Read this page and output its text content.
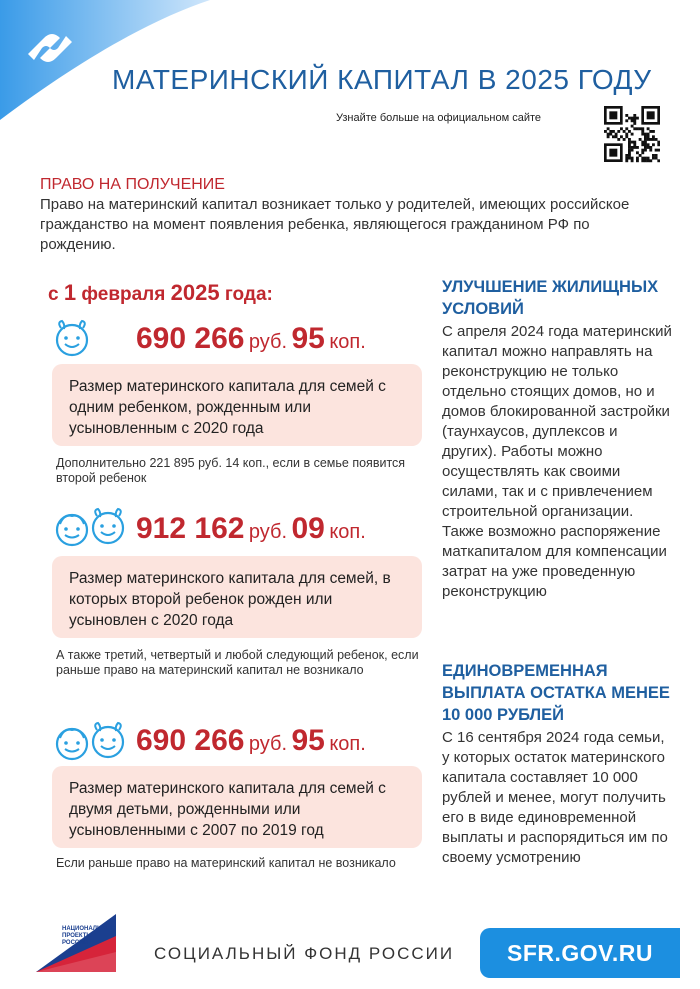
МАТЕРИНСКИЙ КАПИТАЛ В 2025 ГОДУ
Узнайте больше на официальном сайте
ПРАВО НА ПОЛУЧЕНИЕ
Право на материнский капитал возникает только у родителей, имеющих российское гражданство на момент появления ребенка, являющегося гражданином РФ по рождению.
с 1 февраля 2025 года:
690 266 руб. 95 коп.
Размер материнского капитала для семей с одним ребенком, рожденным или усыновленным с 2020 года
Дополнительно 221 895 руб. 14 коп., если в семье появится второй ребенок
912 162 руб. 09 коп.
Размер материнского капитала для семей, в которых второй ребенок рожден или усыновлен с 2020 года
А также третий, четвертый и любой следующий ребенок, если раньше право на материнский капитал не возникало
690 266 руб. 95 коп.
Размер материнского капитала для семей с двумя детьми, рожденными или усыновленными с 2007 по 2019 год
Если раньше право на материнский капитал не возникало
УЛУЧШЕНИЕ ЖИЛИЩНЫХ УСЛОВИЙ
С апреля 2024 года материнский капитал можно направлять на реконструкцию не только отдельно стоящих домов, но и домов блокированной застройки (таунхаусов, дуплексов и других). Работы можно осуществлять как своими силами, так и с привлечением строительной организации. Также возможно распоряжение маткапиталом для компенсации затрат на уже проведенную реконструкцию
ЕДИНОВРЕМЕННАЯ ВЫПЛАТА ОСТАТКА МЕНЕЕ 10 000 РУБЛЕЙ
С 16 сентября 2024 года семьи, у которых остаток материнского капитала составляет 10 000 рублей и менее, могут получить его в виде единовременной выплаты и распорядиться им по своему усмотрению
НАЦИОНАЛЬНЫЕ
ПРОЕКТЫ
РОССИИ
СОЦИАЛЬНЫЙ ФОНД РОССИИ	SFR.GOV.RU
